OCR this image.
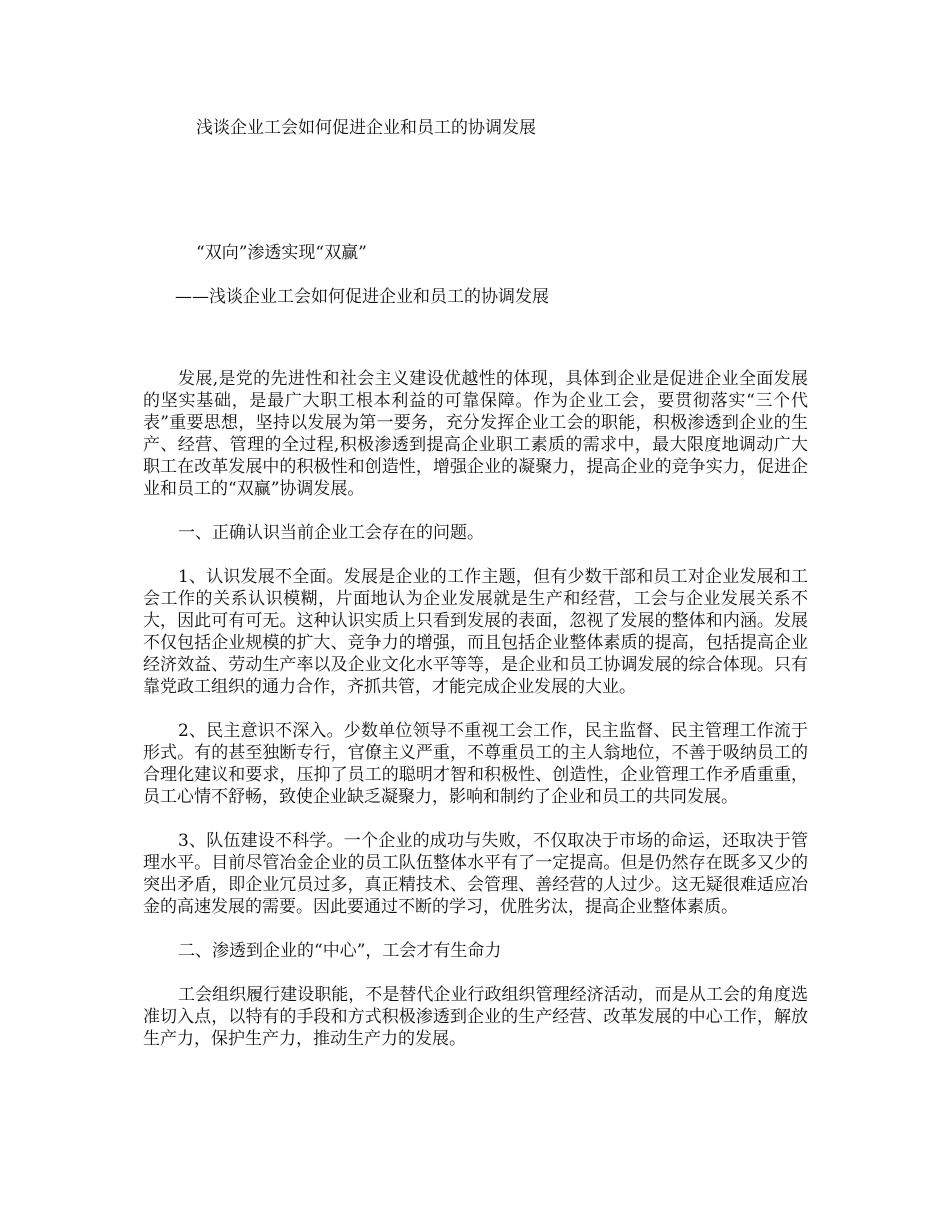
浅谈企业工会如何促进企业和员工的协调发展
“双向”渗透实现“双赢”
——浅谈企业工会如何促进企业和员工的协调发展

发展,是党的先进性和社会主义建设优越性的体现，具体到企业是促进企业全面发展的坚实基础，是最广大职工根本利益的可靠保障。作为企业工会，要贯彻落实“三个代表”重要思想，坚持以发展为第一要务，充分发挥企业工会的职能，积极渗透到企业的生产、经营、管理的全过程,积极渗透到提高企业职工素质的需求中，最大限度地调动广大职工在改革发展中的积极性和创造性，增强企业的凝聚力，提高企业的竞争实力，促进企业和员工的“双赢”协调发展。

一、正确认识当前企业工会存在的问题。

1、认识发展不全面。发展是企业的工作主题，但有少数干部和员工对企业发展和工会工作的关系认识模糊，片面地认为企业发展就是生产和经营，工会与企业发展关系不大，因此可有可无。这种认识实质上只看到发展的表面，忽视了发展的整体和内涵。发展不仅包括企业规模的扩大、竞争力的增强，而且包括企业整体素质的提高，包括提高企业经济效益、劳动生产率以及企业文化水平等等，是企业和员工协调发展的综合体现。只有靠党政工组织的通力合作，齐抓共管，才能完成企业发展的大业。

2、民主意识不深入。少数单位领导不重视工会工作，民主监督、民主管理工作流于形式。有的甚至独断专行，官僚主义严重，不尊重员工的主人翁地位，不善于吸纳员工的合理化建议和要求，压抑了员工的聪明才智和积极性、创造性，企业管理工作矛盾重重，员工心情不舒畅，致使企业缺乏凝聚力，影响和制约了企业和员工的共同发展。

3、队伍建设不科学。一个企业的成功与失败，不仅取决于市场的命运，还取决于管理水平。目前尽管冶金企业的员工队伍整体水平有了一定提高。但是仍然存在既多又少的突出矛盾，即企业冗员过多，真正精技术、会管理、善经营的人过少。这无疑很难适应冶金的高速发展的需要。因此要通过不断的学习，优胜劣汰，提高企业整体素质。

二、渗透到企业的“中心”，工会才有生命力

工会组织履行建设职能，不是替代企业行政组织管理经济活动，而是从工会的角度选准切入点，以特有的手段和方式积极渗透到企业的生产经营、改革发展的中心工作，解放生产力，保护生产力，推动生产力的发展。
